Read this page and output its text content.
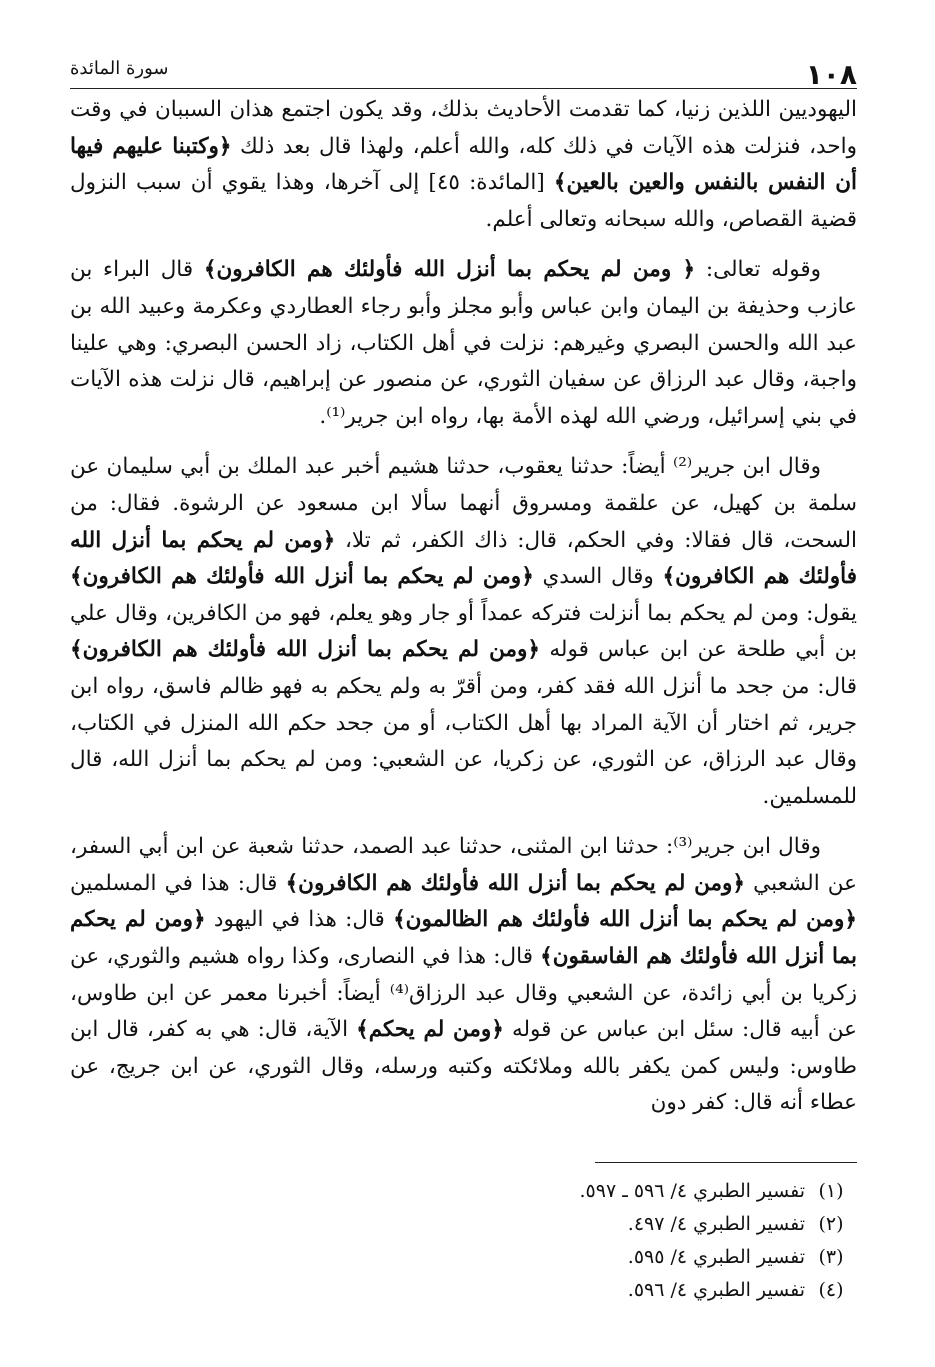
١٠٨
سورة المائدة

اليهوديين اللذين زنيا، كما تقدمت الأحاديث بذلك، وقد يكون اجتمع هذان السببان في وقت واحد، فنزلت هذه الآيات في ذلك كله، والله أعلم، ولهذا قال بعد ذلك ﴿وكتبنا عليهم فيها أن النفس بالنفس والعين بالعين﴾ [المائدة: ٤٥] إلى آخرها، وهذا يقوي أن سبب النزول قضية القصاص، والله سبحانه وتعالى أعلم.

وقوله تعالى: ﴿ ومن لم يحكم بما أنزل الله فأولئك هم الكافرون﴾ قال البراء بن عازب وحذيفة بن اليمان وابن عباس وأبو مجلز وأبو رجاء العطاردي وعكرمة وعبيد الله بن عبد الله والحسن البصري وغيرهم: نزلت في أهل الكتاب، زاد الحسن البصري: وهي علينا واجبة، وقال عبد الرزاق عن سفيان الثوري، عن منصور عن إبراهيم، قال نزلت هذه الآيات في بني إسرائيل، ورضي الله لهذه الأمة بها، رواه ابن جرير⁽¹⁾.

وقال ابن جرير⁽²⁾ أيضاً: حدثنا يعقوب، حدثنا هشيم أخبر عبد الملك بن أبي سليمان عن سلمة بن كهيل، عن علقمة ومسروق أنهما سألا ابن مسعود عن الرشوة. فقال: من السحت، قال فقالا: وفي الحكم، قال: ذاك الكفر، ثم تلا، ﴿ومن لم يحكم بما أنزل الله فأولئك هم الكافرون﴾ وقال السدي ﴿ومن لم يحكم بما أنزل الله فأولئك هم الكافرون﴾ يقول: ومن لم يحكم بما أنزلت فتركه عمداً أو جار وهو يعلم، فهو من الكافرين، وقال علي بن أبي طلحة عن ابن عباس قوله ﴿ومن لم يحكم بما أنزل الله فأولئك هم الكافرون﴾ قال: من جحد ما أنزل الله فقد كفر، ومن أقرّ به ولم يحكم به فهو ظالم فاسق، رواه ابن جرير، ثم اختار أن الآية المراد بها أهل الكتاب، أو من جحد حكم الله المنزل في الكتاب، وقال عبد الرزاق، عن الثوري، عن زكريا، عن الشعبي: ومن لم يحكم بما أنزل الله، قال للمسلمين.

وقال ابن جرير⁽³⁾: حدثنا ابن المثنى، حدثنا عبد الصمد، حدثنا شعبة عن ابن أبي السفر، عن الشعبي ﴿ومن لم يحكم بما أنزل الله فأولئك هم الكافرون﴾ قال: هذا في المسلمين ﴿ومن لم يحكم بما أنزل الله فأولئك هم الظالمون﴾ قال: هذا في اليهود ﴿ومن لم يحكم بما أنزل الله فأولئك هم الفاسقون﴾ قال: هذا في النصارى، وكذا رواه هشيم والثوري، عن زكريا بن أبي زائدة، عن الشعبي وقال عبد الرزاق⁽⁴⁾ أيضاً: أخبرنا معمر عن ابن طاوس، عن أبيه قال: سئل ابن عباس عن قوله ﴿ومن لم يحكم﴾ الآية، قال: هي به كفر، قال ابن طاوس: وليس كمن يكفر بالله وملائكته وكتبه ورسله، وقال الثوري، عن ابن جريج، عن عطاء أنه قال: كفر دون

(١)تفسير الطبري ٤/ ٥٩٦ ـ ٥٩٧.
(٢)تفسير الطبري ٤/ ٤٩٧.
(٣)تفسير الطبري ٤/ ٥٩٥.
(٤)تفسير الطبري ٤/ ٥٩٦.
